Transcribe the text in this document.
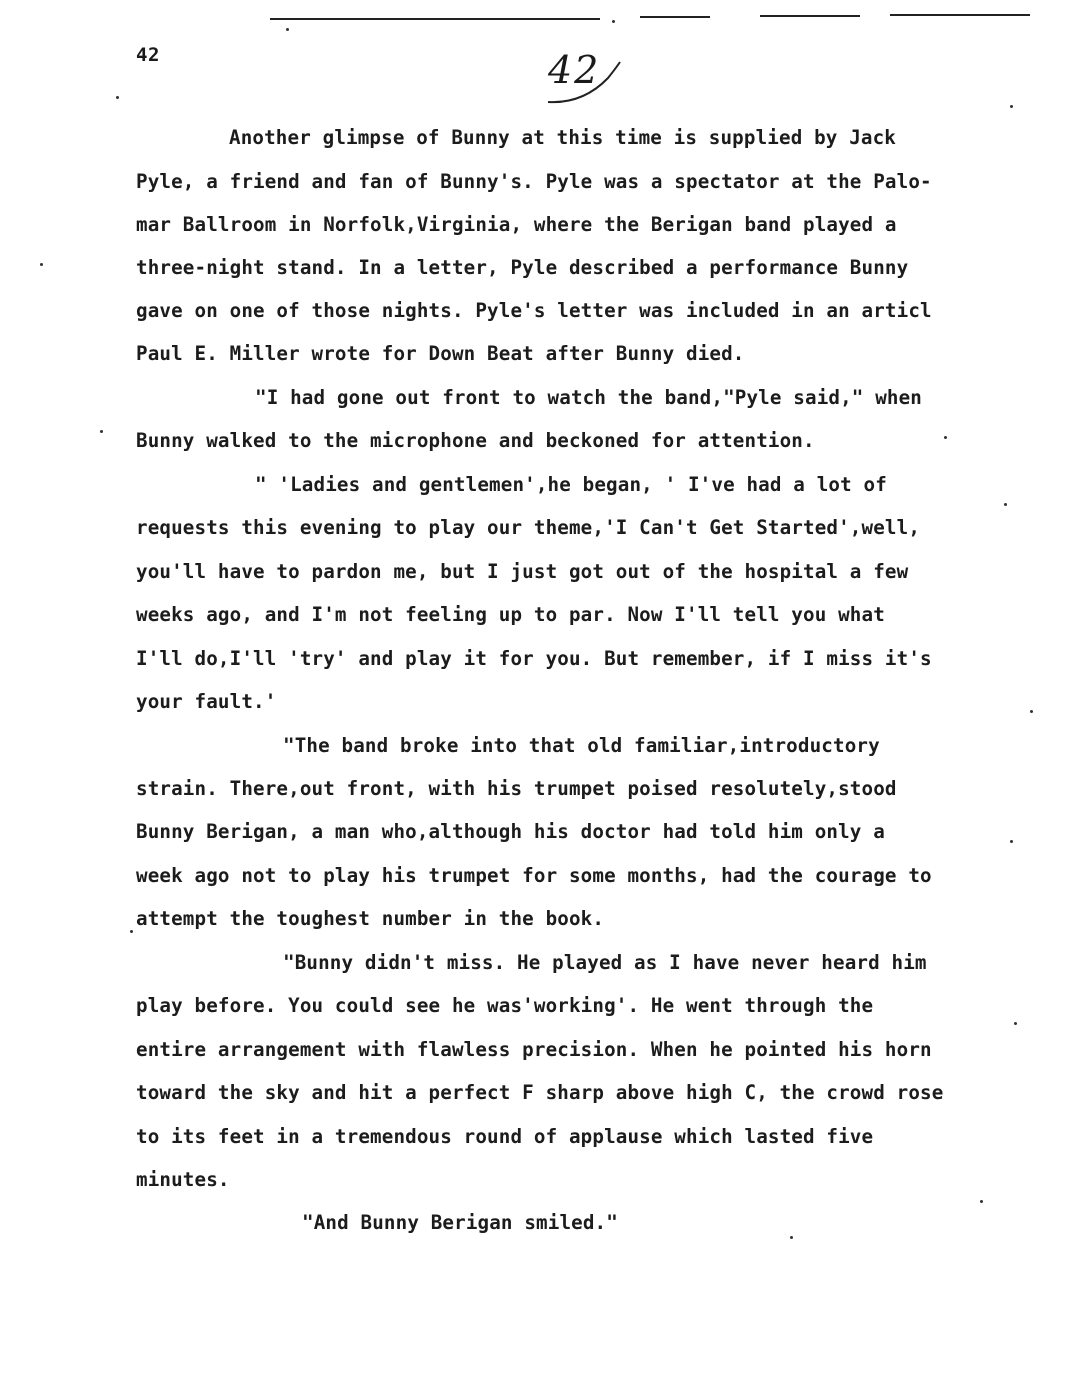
42	42
Another glimpse of Bunny at this time is supplied by Jack
Pyle, a friend and fan of Bunny's. Pyle was a spectator at the Palo-
mar Ballroom in Norfolk,Virginia, where the Berigan band played a
three-night stand. In a letter, Pyle described a performance Bunny
gave on one of those nights. Pyle's letter was included in an articl
Paul E. Miller wrote for Down Beat after Bunny died.
"I had gone out front to watch the band,"Pyle said," when
Bunny walked to the microphone and beckoned for attention.
" 'Ladies and gentlemen',he began, ' I've had a lot of
requests this evening to play our theme,'I Can't Get Started',well,
you'll have to pardon me, but I just got out of the hospital a few
weeks ago, and I'm not feeling up to par. Now I'll tell you what
I'll do,I'll 'try' and play it for you. But remember, if I miss it's
your fault.'
"The band broke into that old familiar,introductory
strain. There,out front, with his trumpet poised resolutely,stood
Bunny Berigan, a man who,although his doctor had told him only a
week ago not to play his trumpet for some months, had the courage to
attempt the toughest number in the book.
"Bunny didn't miss. He played as I have never heard him
play before. You could see he was'working'. He went through the
entire arrangement with flawless precision. When he pointed his horn
toward the sky and hit a perfect F sharp above high C, the crowd rose
to its feet in a tremendous round of applause which lasted five
minutes.
"And Bunny Berigan smiled."
